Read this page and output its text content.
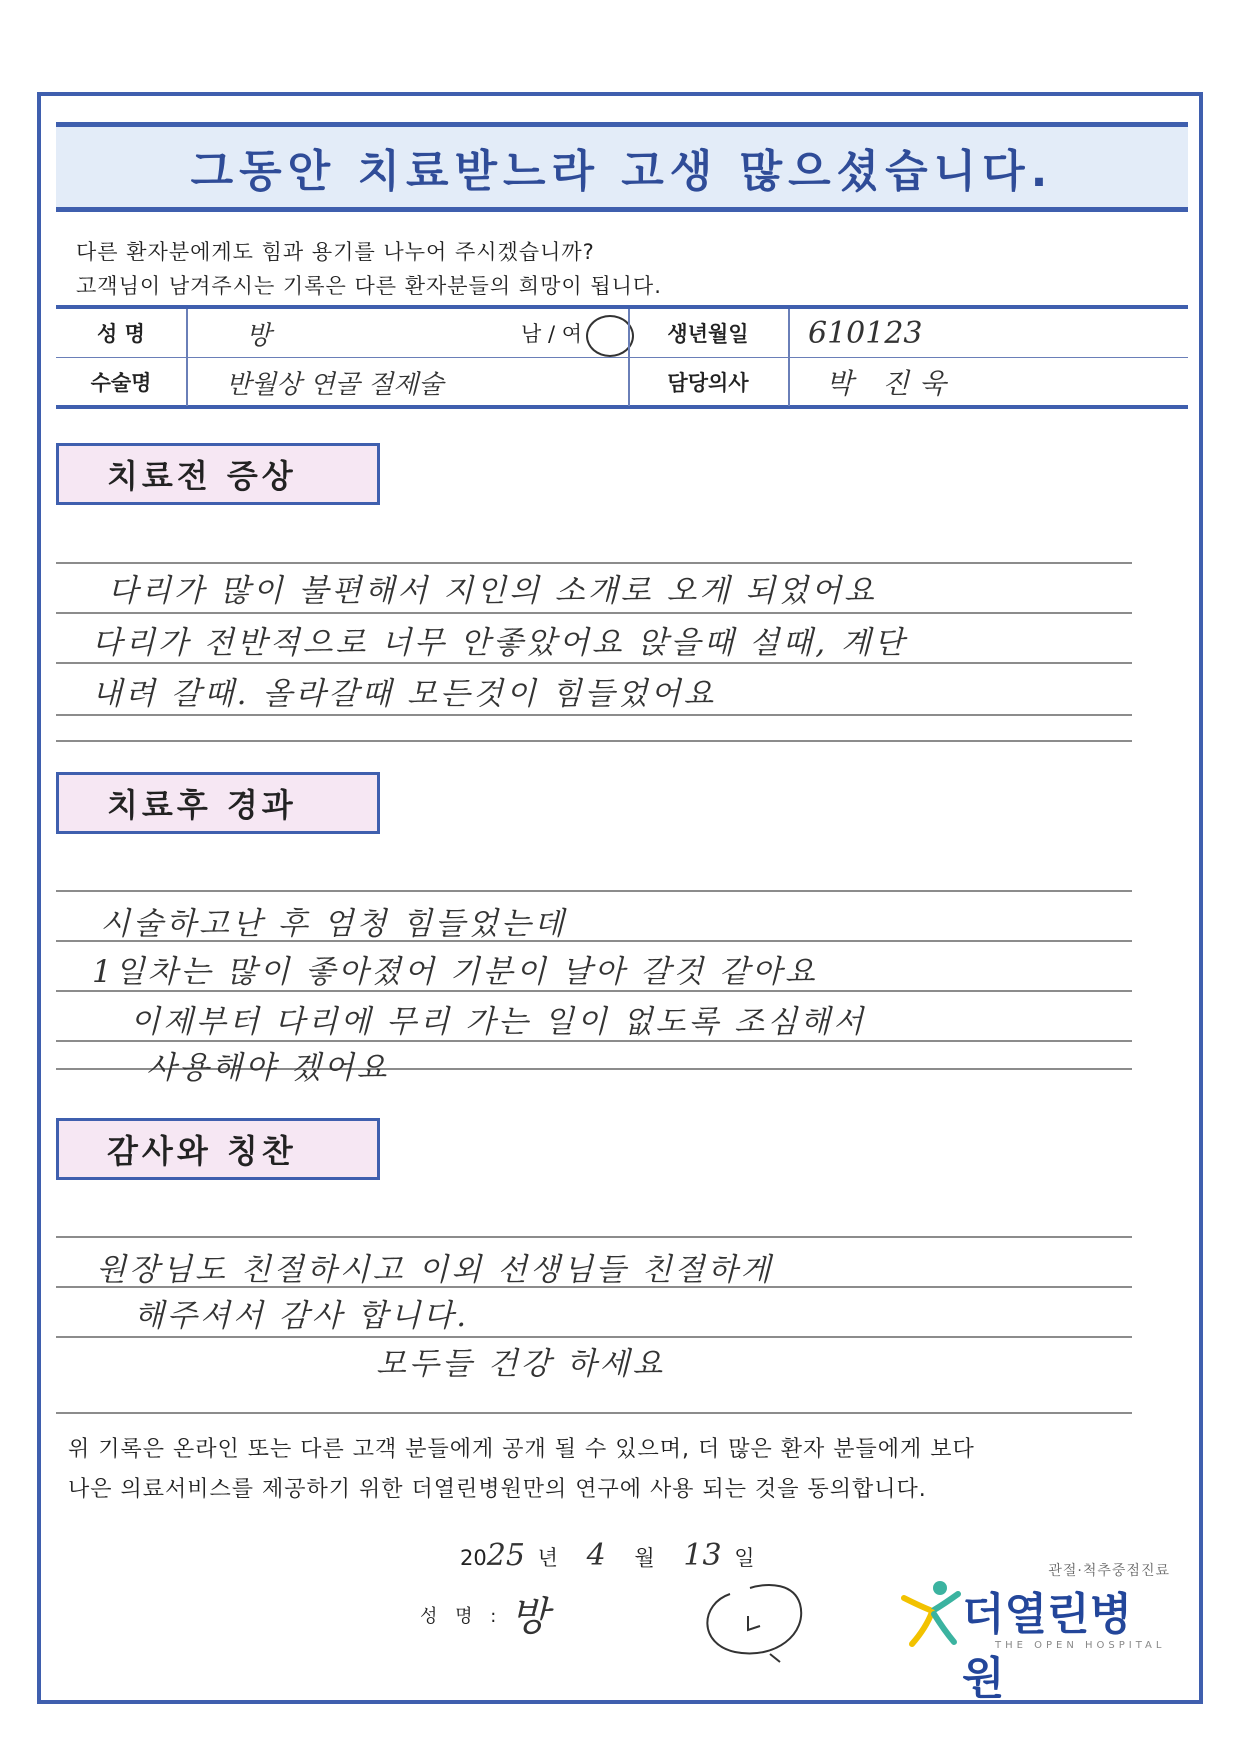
그동안 치료받느라 고생 많으셨습니다.
다른 환자분에게도 힘과 용기를 나누어 주시겠습니까?
고객님이 남겨주시는 기록은 다른 환자분들의 희망이 됩니다.
성 명	방	남 / 여	생년월일	610123
수술명	반월상 연골 절제술	담당의사	박 진욱
치료전 증상
다리가 많이 불편해서 지인의 소개로 오게 되었어요
다리가 전반적으로 너무 안좋았어요 앉을때 설때, 계단
내려 갈때. 올라갈때 모든것이 힘들었어요
치료후 경과
시술하고난 후 엄청 힘들었는데
1일차는 많이 좋아졌어 기분이 날아 갈것 같아요
이제부터 다리에 무리 가는 일이 없도록 조심해서
사용해야 겠어요
감사와 칭찬
원장님도 친절하시고 이외 선생님들 친절하게
해주셔서 감사 합니다.
모두들 건강 하세요
위 기록은 온라인 또는 다른 고객 분들에게 공개 될 수 있으며, 더 많은 환자 분들에게 보다
나은 의료서비스를 제공하기 위한 더열린병원만의 연구에 사용 되는 것을 동의합니다.
2025 년 4 월 13 일
성 명 : 방
관절·척추중점진료
더열린병원
THE OPEN HOSPITAL
